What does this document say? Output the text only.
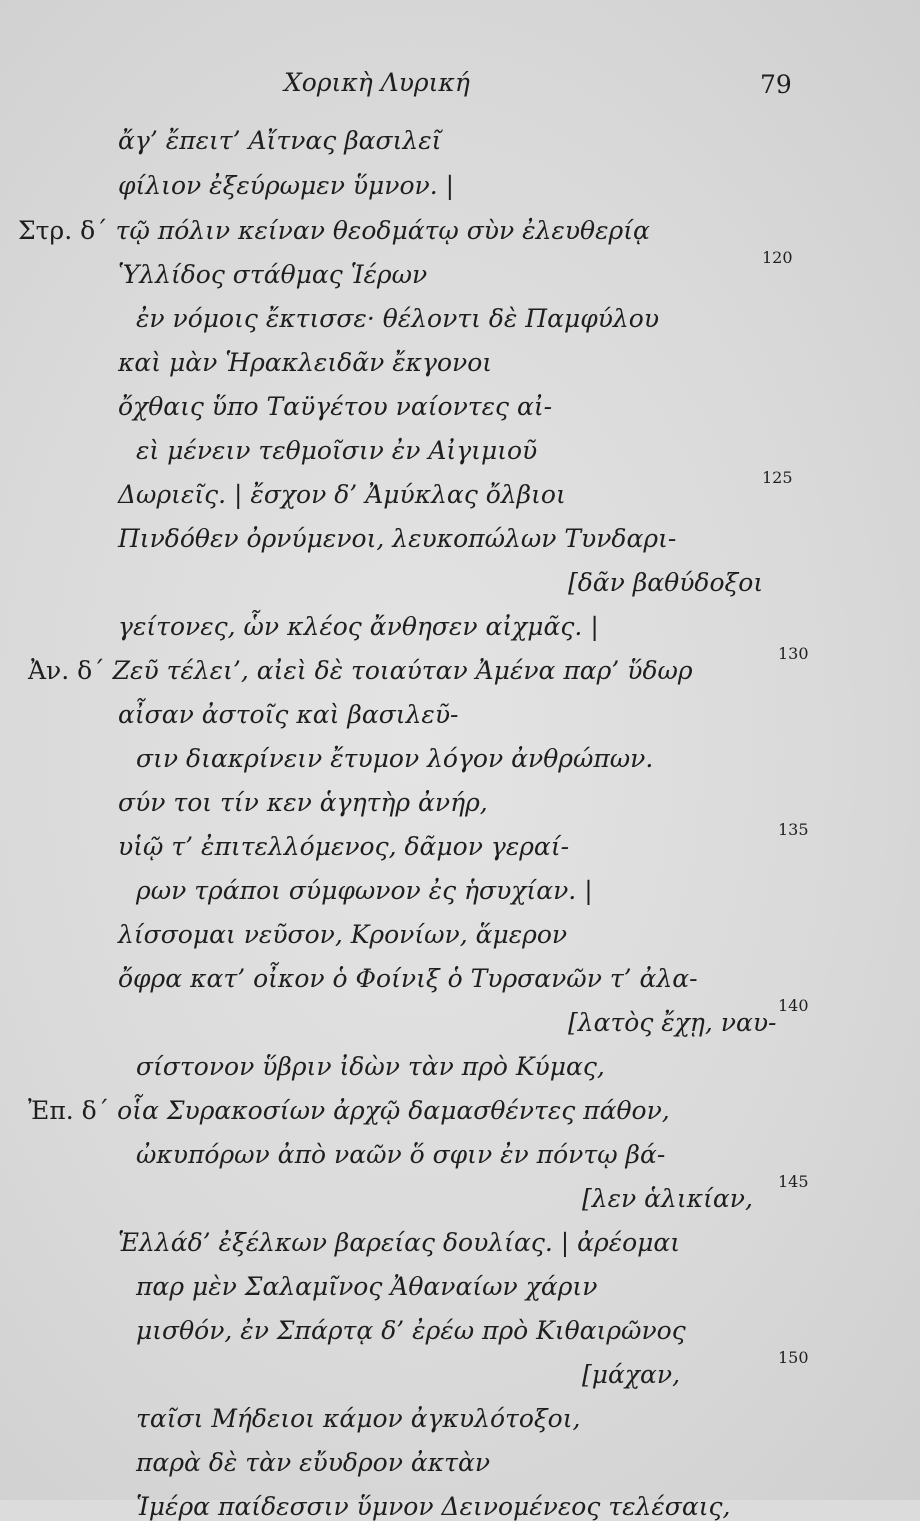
Χορικὴ Λυρική	79
ἄγ’ ἔπειτ’ Αἴτνας βασιλεῖ
φίλιον ἐξεύρωμεν ὕμνον. |
Στρ. δ΄ τῷ πόλιν κείναν θεοδμάτῳ σὺν ἐλευθερίᾳ
Ὑλλίδος στάθμας Ἱέρων
ἐν νόμοις ἔκτισσε· θέλοντι δὲ Παμφύλου
καὶ μὰν Ἡρακλειδᾶν ἔκγονοι
ὄχθαις ὕπο Ταϋγέτου ναίοντες αἰ-
εὶ μένειν τεθμοῖσιν ἐν Αἰγιμιοῦ
Δωριεῖς. | ἔσχον δ’ Ἀμύκλας ὄλβιοι
Πινδόθεν ὀρνύμενοι, λευκοπώλων Τυνδαρι-
[δᾶν βαθύδοξοι
γείτονες, ὧν κλέος ἄνθησεν αἰχμᾶς. |
Ἀν. δ΄ Ζεῦ τέλει’, αἰεὶ δὲ τοιαύταν Ἀμένα παρ’ ὕδωρ
αἶσαν ἀστοῖς καὶ βασιλεῦ-
σιν διακρίνειν ἔτυμον λόγον ἀνθρώπων.
σύν τοι τίν κεν ἁγητὴρ ἀνήρ,
υἱῷ τ’ ἐπιτελλόμενος, δᾶμον γεραί-
ρων τράποι σύμφωνον ἐς ἡσυχίαν. |
λίσσομαι νεῦσον, Κρονίων, ἅμερον
ὄφρα κατ’ οἶκον ὁ Φοίνιξ ὁ Τυρσανῶν τ’ ἀλα-
[λατὸς ἔχῃ, ναυ-
σίστονον ὕβριν ἰδὼν τὰν πρὸ Κύμας,
Ἐπ. δ΄ οἷα Συρακοσίων ἀρχῷ δαμασθέντες πάθον,
ὠκυπόρων ἀπὸ ναῶν ὅ σφιν ἐν πόντῳ βά-
[λεν ἁλικίαν,
Ἑλλάδ’ ἐξέλκων βαρείας δουλίας. | ἀρέομαι
παρ μὲν Σαλαμῖνος Ἀθαναίων χάριν
μισθόν, ἐν Σπάρτᾳ δ’ ἐρέω πρὸ Κιθαιρῶνος
[μάχαν,
ταῖσι Μήδειοι κάμον ἀγκυλότοξοι,
παρὰ δὲ τὰν εὔυδρον ἀκτὰν
Ἱμέρα παίδεσσιν ὕμνον Δεινομένεος τελέσαις,
120
125
130
135
140
145
150
